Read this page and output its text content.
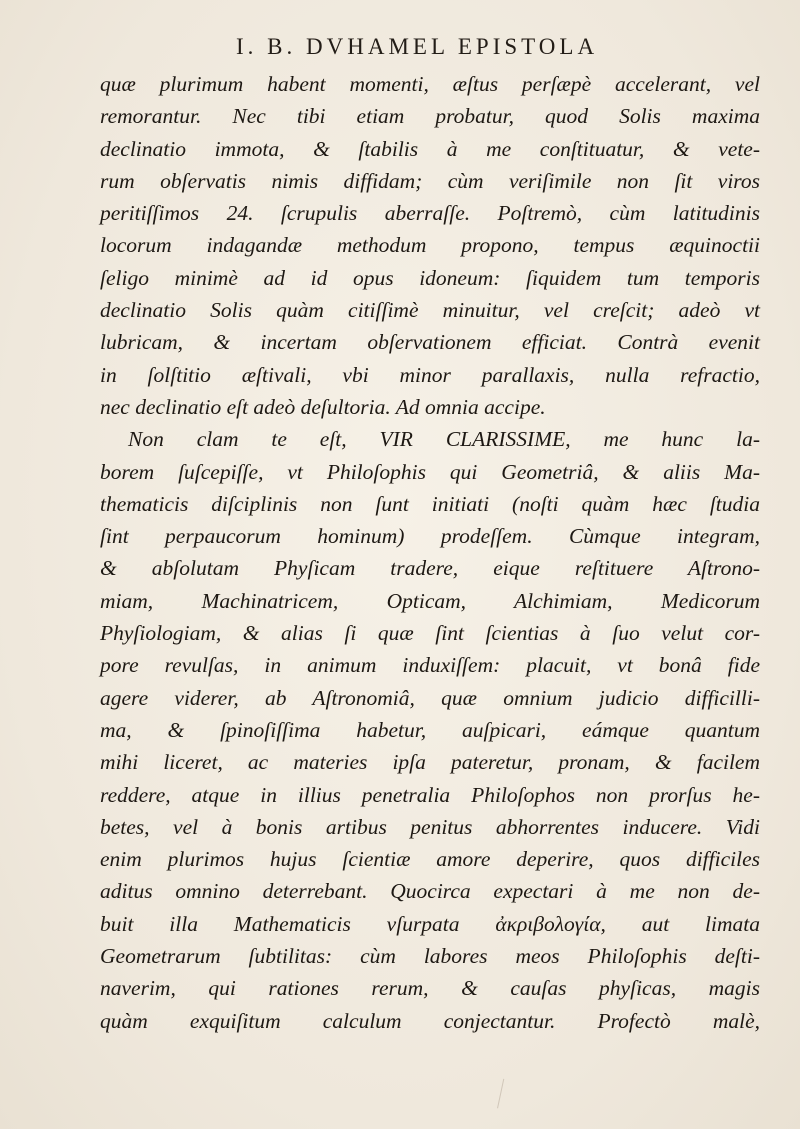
I. B. DVHAMEL EPISTOLA
quæ plurimum habent momenti, æſtus perſæpè accelerant, vel
remorantur. Nec tibi etiam probatur, quod Solis maxima
declinatio immota, & ſtabilis à me conſtituatur, & vete-
rum obſervatis nimis diffidam; cùm veriſimile non ſit viros
peritiſſimos 24. ſcrupulis aberraſſe. Poſtremò, cùm latitudinis
locorum indagandæ methodum propono, tempus æquinoctii
ſeligo minimè ad id opus idoneum: ſiquidem tum temporis
declinatio Solis quàm citiſſimè minuitur, vel creſcit; adeò vt
lubricam, & incertam obſervationem efficiat. Contrà evenit
in ſolſtitio æſtivali, vbi minor parallaxis, nulla refractio,
nec declinatio eſt adeò deſultoria. Ad omnia accipe.
Non clam te eſt, VIR CLARISSIME, me hunc la-
borem ſuſcepiſſe, vt Philoſophis qui Geometriâ, & aliis Ma-
thematicis diſciplinis non ſunt initiati (noſti quàm hæc ſtudia
ſint perpaucorum hominum) prodeſſem. Cùmque integram,
& abſolutam Phyſicam tradere, eique reſtituere Aſtrono-
miam, Machinatricem, Opticam, Alchimiam, Medicorum
Phyſiologiam, & alias ſi quæ ſint ſcientias à ſuo velut cor-
pore revulſas, in animum induxiſſem: placuit, vt bonâ fide
agere viderer, ab Aſtronomiâ, quæ omnium judicio difficilli-
ma, & ſpinoſiſſima habetur, auſpicari, eámque quantum
mihi liceret, ac materies ipſa pateretur, pronam, & facilem
reddere, atque in illius penetralia Philoſophos non prorſus he-
betes, vel à bonis artibus penitus abhorrentes inducere. Vidi
enim plurimos hujus ſcientiæ amore deperire, quos difficiles
aditus omnino deterrebant. Quocirca expectari à me non de-
buit illa Mathematicis vſurpata ἀκριβολογία, aut limata
Geometrarum ſubtilitas: cùm labores meos Philoſophis deſti-
naverim, qui rationes rerum, & cauſas phyſicas, magis
quàm exquiſitum calculum conjectantur. Profectò malè,
